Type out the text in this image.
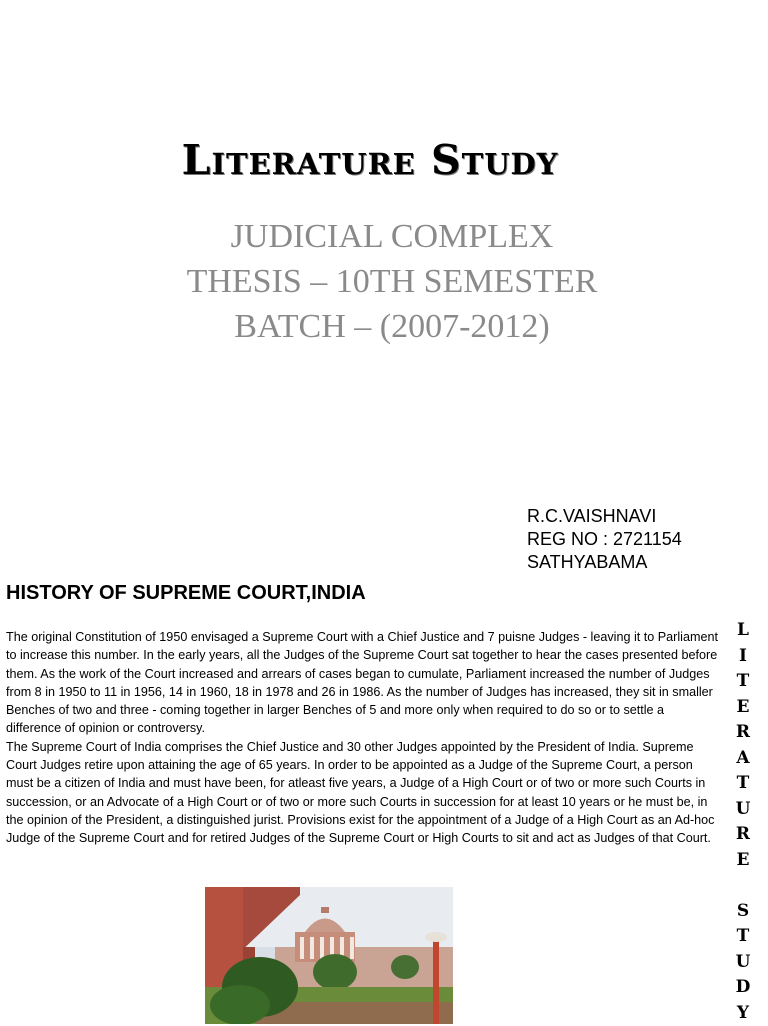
Literature Study
JUDICIAL COMPLEX
THESIS – 10TH SEMESTER
BATCH – (2007-2012)
R.C.VAISHNAVI
REG NO : 2721154
SATHYABAMA
HISTORY OF SUPREME COURT,INDIA

The original Constitution of 1950 envisaged a Supreme Court with a Chief Justice and 7 puisne Judges - leaving it to Parliament to increase this number. In the early years, all the Judges of the Supreme Court sat together to hear the cases presented before them. As the work of the Court increased and arrears of cases began to cumulate, Parliament increased the number of Judges from 8 in 1950 to 11 in 1956, 14 in 1960, 18 in 1978 and 26 in 1986. As the number of Judges has increased, they sit in smaller Benches of two and three - coming together in larger Benches of 5 and more only when required to do so or to settle a difference of opinion or controversy.

The Supreme Court of India comprises the Chief Justice and 30 other Judges appointed by the President of India. Supreme Court Judges retire upon attaining the age of 65 years. In order to be appointed as a Judge of the Supreme Court, a person must be a citizen of India and must have been, for atleast five years, a Judge of a High Court or of two or more such Courts in succession, or an Advocate of a High Court or of two or more such Courts in succession for at least 10 years or he must be, in the opinion of the President, a distinguished jurist. Provisions exist for the appointment of a Judge of a High Court as an Ad-hoc Judge of the Supreme Court and for retired Judges of the Supreme Court or High Courts to sit and act as Judges of that Court.

L
I
T
E
R
A
T
U
R
E

S
T
U
D
Y
